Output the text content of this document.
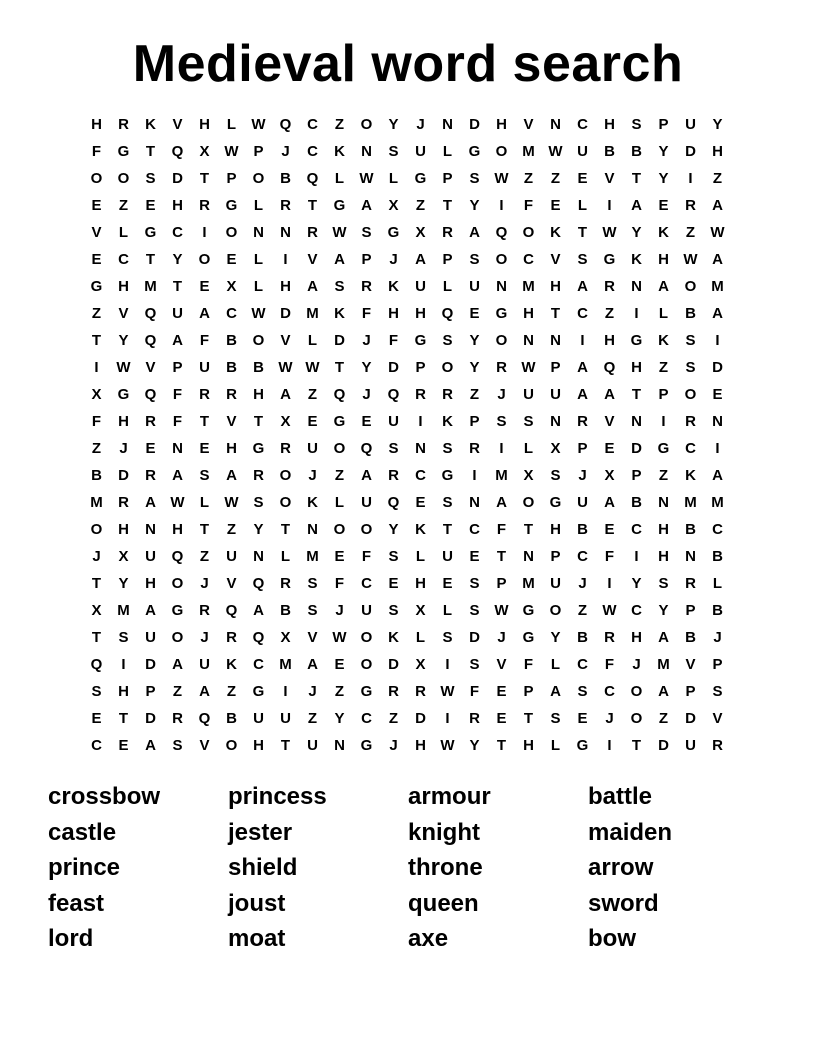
Medieval word search
H	R	K	V	H	L	W Q	C	Z	O	Y	J	N	D	H	V	N	C	H	S	P	U	Y
F	G	T	Q	X W P	J	C	K	N	S	U	L	G	O M W U	B	B	Y	D	H
O	O	S	D	T	P	O	B	Q	L	W	L	G	P	S W	Z	Z	E	V	T	Y	I	Z
E	Z	E	H	R	G	L	R	T	G	A	X	Z	T	Y	I	F	E	L	I	A	E	R	A
V	L	G	C	I	O	N	N	R W S	G	X	R	A	Q	O	K	T	W Y	K	Z	W
E	C	T	Y	O	E	L	I	V	A	P	J	A	P	S	O	C	V	S	G	K	H W A
G	H	M	T	E	X	L	H	A	S	R	K	U	L	U	N	M	H	A	R	N	A	O M
Z	V	Q	U	A	C W D	M	K	F	H	H	Q	E	G	H	T	C	Z	I	L	B	A
T	Y	Q	A	F	B	O	V	L	D	J	F	G	S	Y	O	N	N	I	H	G	K	S	I
I	W V	P	U	B	B W W	T	Y	D	P	O	Y	R W P	A	Q	H	Z	S	D
X	G	Q	F	R	R	H	A	Z	Q	J	Q	R	R	Z	J	U	U	A	A	T	P	O	E
F	H	R	F	T	V	T	X	E	G	E	U	I	K	P	S	S	N	R	V	N	I	R	N
Z	J	E	N	E	H	G	R	U	O	Q	S	N	S	R	I	L	X	P	E	D	G	C	I
B	D	R	A	S	A	R	O	J	Z	A	R	C	G	I	M	X	S	J	X	P	Z	K	A
M	R	A W	L	W S	O	K	L	U	Q	E	S	N	A	O	G	U	A	B	N	M M
O	H	N	H	T	Z	Y	T	N	O	O	Y	K	T	C	F	T	H	B	E	C	H	B	C
J	X	U	Q	Z	U	N	L	M	E	F	S	L	U	E	T	N	P	C	F	I	H	N	B
T	Y	H	O	J	V	Q	R	S	F	C	E	H	E	S	P	M	U	J	I	Y	S	R	L
X	M	A	G	R	Q	A	B	S	J	U	S	X	L	S W G	O	Z	W C	Y	P	B
T	S	U	O	J	R	Q	X	V W O	K	L	S	D	J	G	Y	B	R	H	A	B	J
Q	I	D	A	U	K	C	M	A	E	O	D	X	I	S	V	F	L	C	F	J	M	V	P
S	H	P	Z	A	Z	G	I	J	Z	G	R	R W	F	E	P	A	S	C	O	A	P	S
E	T	D	R	Q	B	U	U	Z	Y	C	Z	D	I	R	E	T	S	E	J	O	Z	D	V
C	E	A	S	V	O	H	T	U	N	G	J	H W Y	T	H	L	G	I	T	D	U	R
crossbow	princess	armour	battle
castle	jester	knight	maiden
prince	shield	throne	arrow
feast	joust	queen	sword
lord	moat	axe	bow
